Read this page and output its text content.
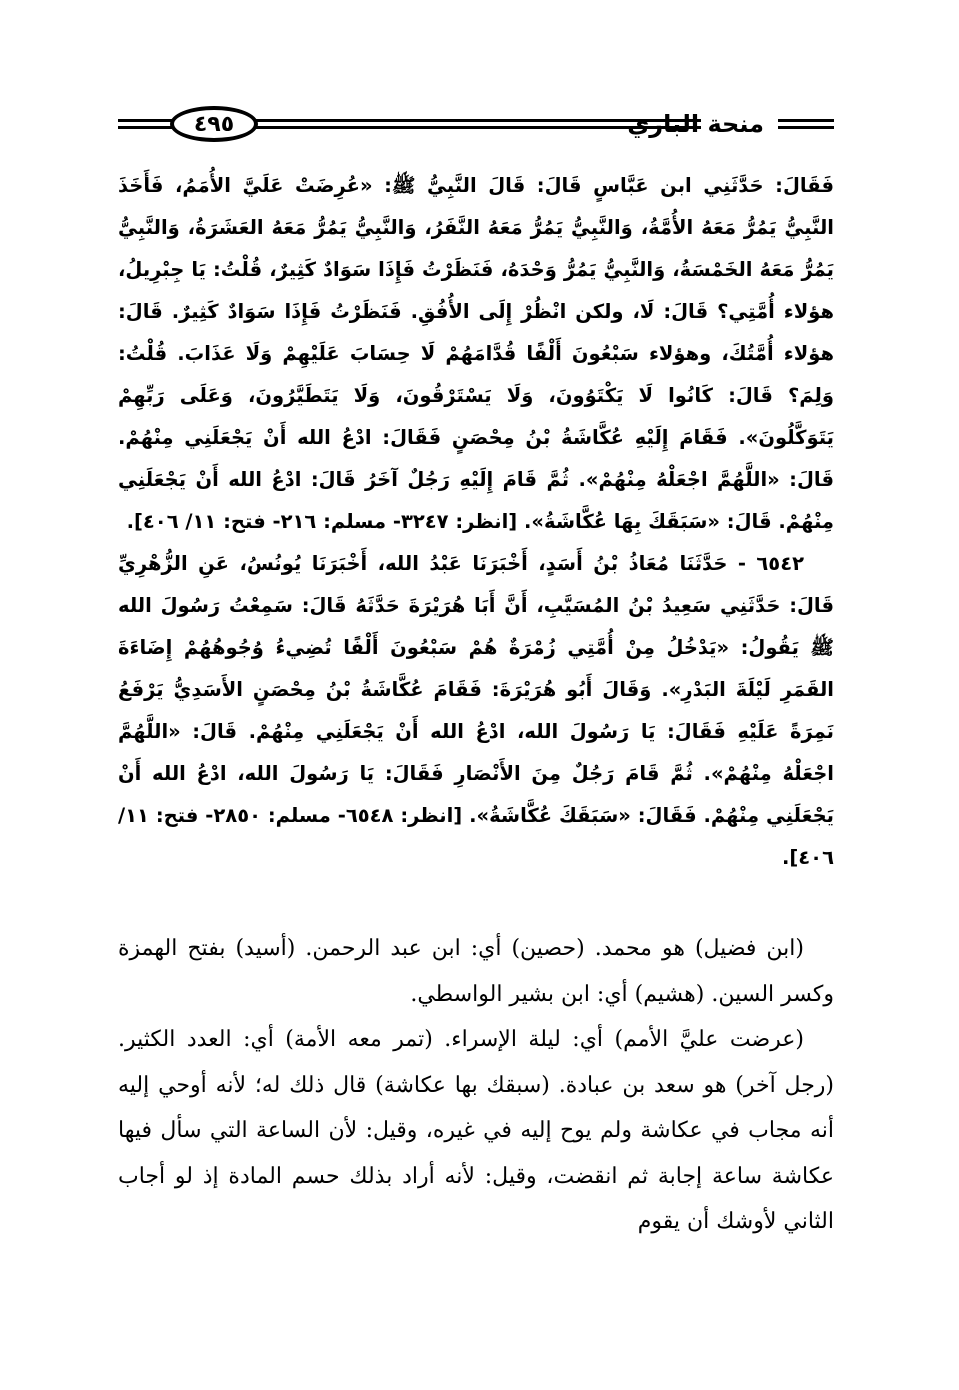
منحة الباري
٤٩٥

فَقَالَ: حَدَّثَنِي ابن عَبَّاسٍ قَالَ: قَالَ النَّبِيُّ ﷺ: «عُرِضَتْ عَلَيَّ الأُمَمُ، فَأَخَذَ النَّبِيُّ يَمُرُّ مَعَهُ الأُمَّةُ، وَالنَّبِيُّ يَمُرُّ مَعَهُ النَّفَرُ، وَالنَّبِيُّ يَمُرُّ مَعَهُ العَشَرَةُ، وَالنَّبِيُّ يَمُرُّ مَعَهُ الخَمْسَةُ، وَالنَّبِيُّ يَمُرُّ وَحْدَهُ، فَنَظَرْتُ فَإِذَا سَوَادٌ كَثِيرٌ، قُلْتُ: يَا جِبْرِيلُ، هؤلاء أُمَّتِي؟ قَالَ: لَا، ولكن انْظُرْ إِلَى الأُفُقِ. فَنَظَرْتُ فَإِذَا سَوَادٌ كَثِيرٌ. قَالَ: هؤلاء أُمَّتُكَ، وهؤلاء سَبْعُونَ أَلْفًا قُدَّامَهُمْ لَا حِسَابَ عَلَيْهِمْ وَلَا عَذَابَ. قُلْتُ: وَلِمَ؟ قَالَ: كَانُوا لَا يَكْتَوُونَ، وَلَا يَسْتَرْقُونَ، وَلَا يَتَطَيَّرُونَ، وَعَلَى رَبِّهِمْ يَتَوَكَّلُونَ». فَقَامَ إِلَيْهِ عُكَّاشَةُ بْنُ مِحْصَنٍ فَقَالَ: ادْعُ الله أَنْ يَجْعَلَنِي مِنْهُمْ. قَالَ: «اللَّهُمَّ اجْعَلْهُ مِنْهُمْ». ثُمَّ قَامَ إِلَيْهِ رَجُلٌ آخَرُ قَالَ: ادْعُ الله أَنْ يَجْعَلَنِي مِنْهُمْ. قَالَ: «سَبَقَكَ بِهَا عُكَّاشَةُ». [انظر: ٣٢٤٧- مسلم: ٢١٦- فتح: ١١/ ٤٠٦].

٦٥٤٢ - حَدَّثَنَا مُعَاذُ بْنُ أَسَدٍ، أَخْبَرَنَا عَبْدُ الله، أَخْبَرَنَا يُونُسُ، عَنِ الزُّهْرِيِّ قَالَ: حَدَّثَنِي سَعِيدُ بْنُ المُسَيَّبِ، أَنَّ أَبَا هُرَيْرَةَ حَدَّثَهُ قَالَ: سَمِعْتُ رَسُولَ الله ﷺ يَقُولُ: «يَدْخُلُ مِنْ أُمَّتِي زُمْرَةٌ هُمْ سَبْعُونَ أَلْفًا تُضِيءُ وُجُوهُهُمْ إِضَاءَةَ القَمَرِ لَيْلَةَ البَدْرِ». وَقَالَ أَبُو هُرَيْرَةَ: فَقَامَ عُكَّاشَةُ بْنُ مِحْصَنٍ الأَسَدِيُّ يَرْفَعُ نَمِرَةً عَلَيْهِ فَقَالَ: يَا رَسُولَ الله، ادْعُ الله أَنْ يَجْعَلَنِي مِنْهُمْ. قَالَ: «اللَّهُمَّ اجْعَلْهُ مِنْهُمْ». ثُمَّ قَامَ رَجُلٌ مِنَ الأَنْصَارِ فَقَالَ: يَا رَسُولَ الله، ادْعُ الله أَنْ يَجْعَلَنِي مِنْهُمْ. فَقَالَ: «سَبَقَكَ عُكَّاشَةُ». [انظر: ٦٥٤٨- مسلم: ٢٨٥٠- فتح: ١١/ ٤٠٦].

(ابن فضيل) هو محمد. (حصين) أي: ابن عبد الرحمن. (أسيد) بفتح الهمزة وكسر السين. (هشيم) أي: ابن بشير الواسطي.

(عرضت عليَّ الأمم) أي: ليلة الإسراء. (تمر معه الأمة) أي: العدد الكثير. (رجل آخر) هو سعد بن عبادة. (سبقك بها عكاشة) قال ذلك له؛ لأنه أوحي إليه أنه مجاب في عكاشة ولم يوح إليه في غيره، وقيل: لأن الساعة التي سأل فيها عكاشة ساعة إجابة ثم انقضت، وقيل: لأنه أراد بذلك حسم المادة إذ لو أجاب الثاني لأوشك أن يقوم
